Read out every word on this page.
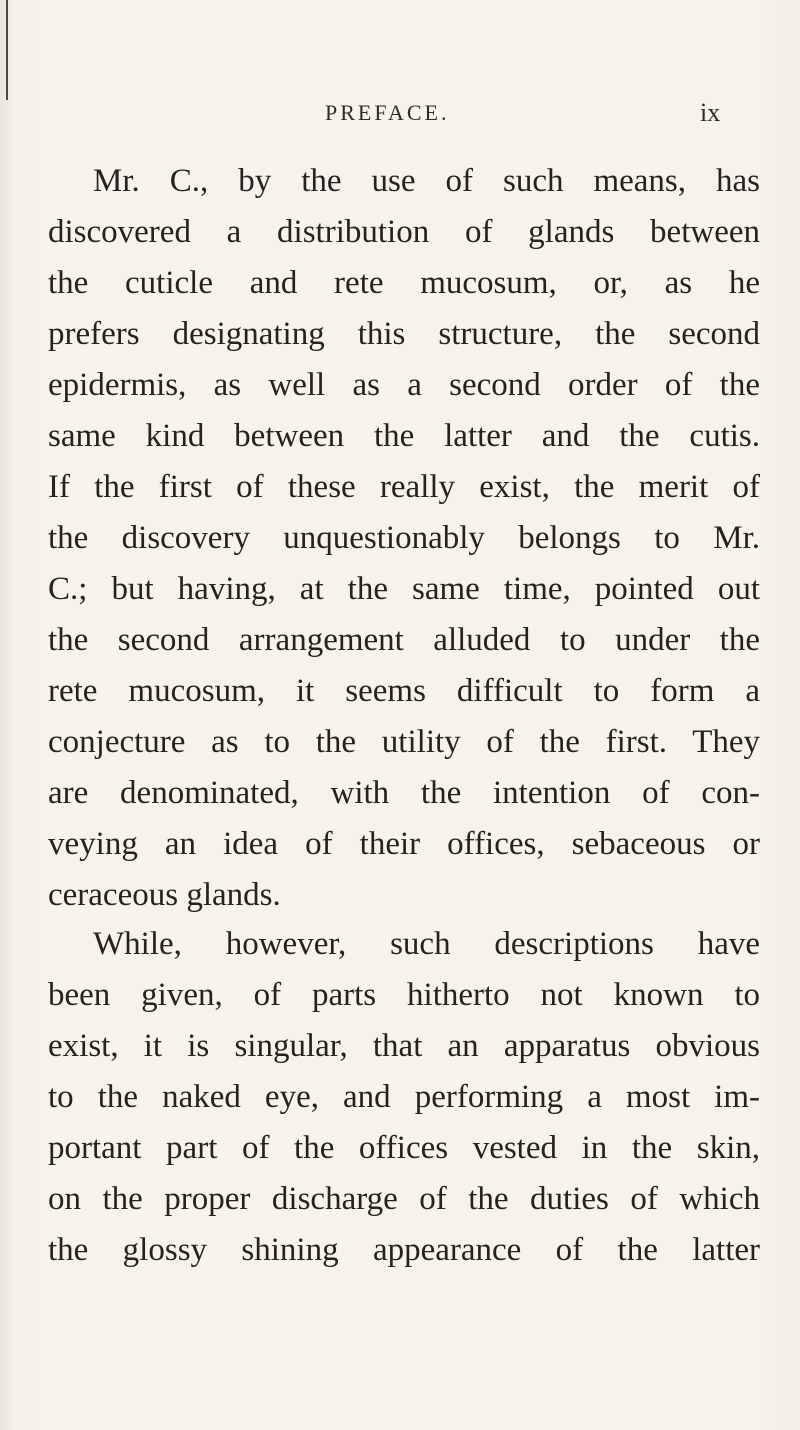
PREFACE.	ix
Mr. C., by the use of such means, has
discovered a distribution of glands between
the cuticle and rete mucosum, or, as he
prefers designating this structure, the second
epidermis, as well as a second order of the
same kind between the latter and the cutis.
If the first of these really exist, the merit of
the discovery unquestionably belongs to Mr.
C.; but having, at the same time, pointed out
the second arrangement alluded to under the
rete mucosum, it seems difficult to form a
conjecture as to the utility of the first. They
are denominated, with the intention of con-
veying an idea of their offices, sebaceous or
ceraceous glands.
While, however, such descriptions have
been given, of parts hitherto not known to
exist, it is singular, that an apparatus obvious
to the naked eye, and performing a most im-
portant part of the offices vested in the skin,
on the proper discharge of the duties of which
the glossy shining appearance of the latter
